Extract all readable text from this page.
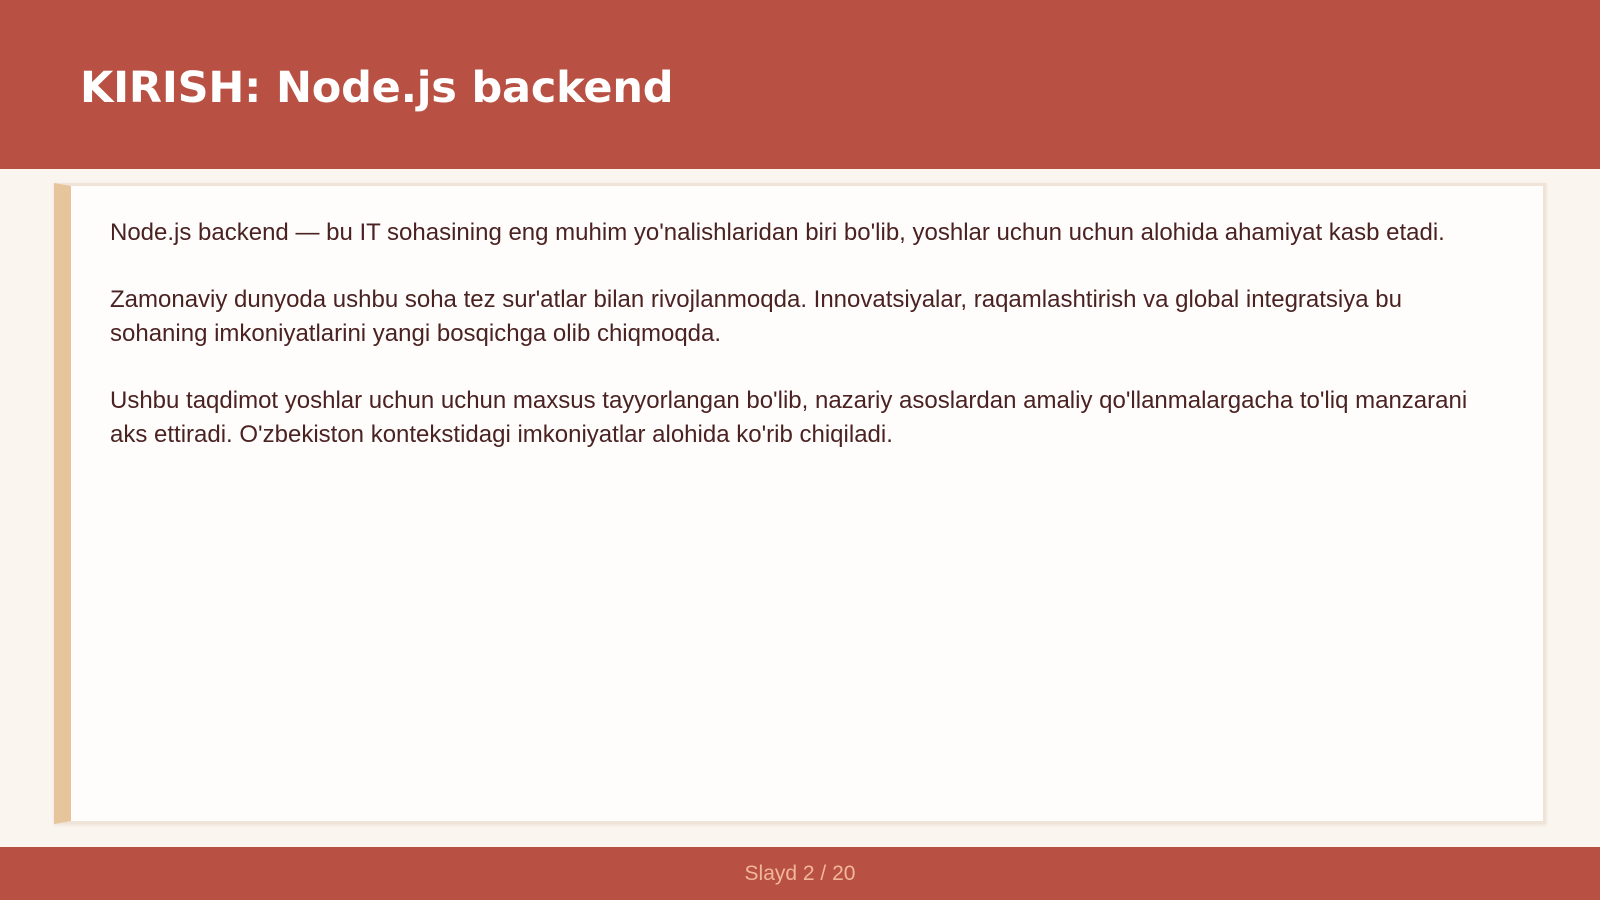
KIRISH: Node.js backend

Node.js backend — bu IT sohasining eng muhim yo'nalishlaridan biri bo'lib, yoshlar uchun uchun alohida ahamiyat kasb etadi.

Zamonaviy dunyoda ushbu soha tez sur'atlar bilan rivojlanmoqda. Innovatsiyalar, raqamlashtirish va global integratsiya bu sohaning imkoniyatlarini yangi bosqichga olib chiqmoqda.

Ushbu taqdimot yoshlar uchun uchun maxsus tayyorlangan bo'lib, nazariy asoslardan amaliy qo'llanmalargacha to'liq manzarani aks ettiradi. O'zbekiston kontekstidagi imkoniyatlar alohida ko'rib chiqiladi.

Slayd 2 / 20
